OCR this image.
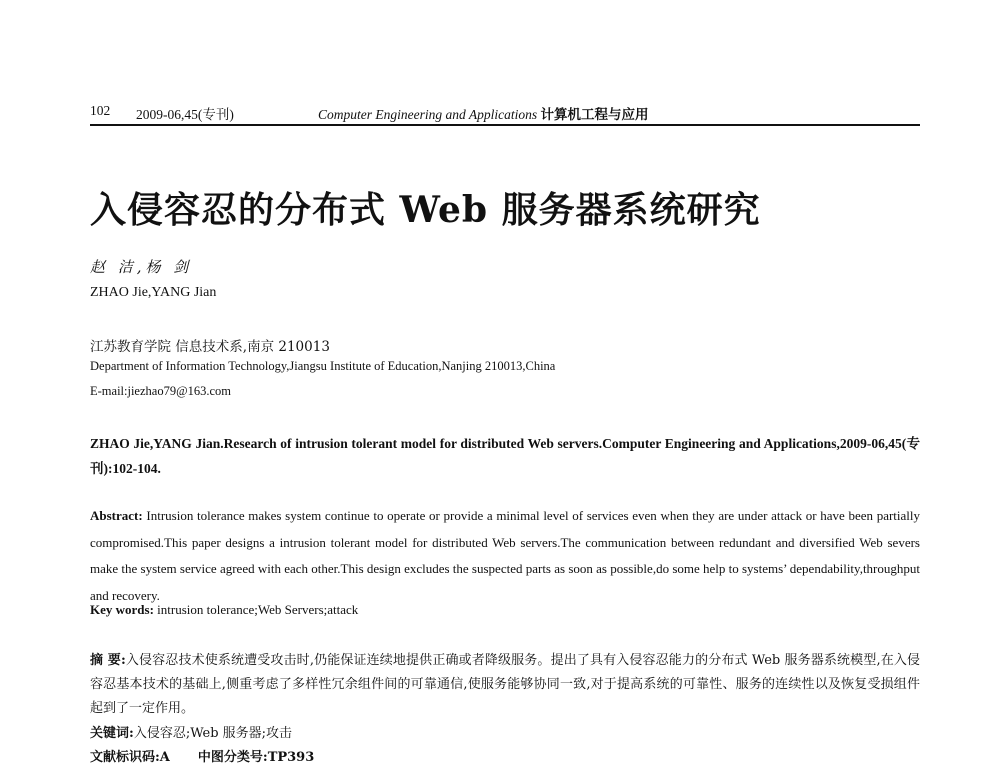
102 2009-06,45(专刊)	Computer Engineering and Applications 计算机工程与应用
入侵容忍的分布式 Web 服务器系统研究
赵 洁,杨 剑
ZHAO Jie,YANG Jian
江苏教育学院 信息技术系,南京 210013
Department of Information Technology,Jiangsu Institute of Education,Nanjing 210013,China
E-mail:jiezhao79@163.com
ZHAO Jie,YANG Jian.Research of intrusion tolerant model for distributed Web servers.Computer Engineering and Applications,2009-06,45(专刊):102-104.
Abstract: Intrusion tolerance makes system continue to operate or provide a minimal level of services even when they are under attack or have been partially compromised.This paper designs a intrusion tolerant model for distributed Web servers.The communication between redundant and diversified Web severs make the system service agreed with each other.This design excludes the suspected parts as soon as possible,do some help to systems’ dependability,throughput and recovery.
Key words: intrusion tolerance;Web Servers;attack
摘 要:入侵容忍技术使系统遭受攻击时,仍能保证连续地提供正确或者降级服务。提出了具有入侵容忍能力的分布式 Web 服务器系统模型,在入侵容忍基本技术的基础上,侧重考虑了多样性冗余组件间的可靠通信,使服务能够协同一致,对于提高系统的可靠性、服务的连续性以及恢复受损组件起到了一定作用。
关键词:入侵容忍;Web 服务器;攻击
文献标识码:A 中图分类号:TP393
